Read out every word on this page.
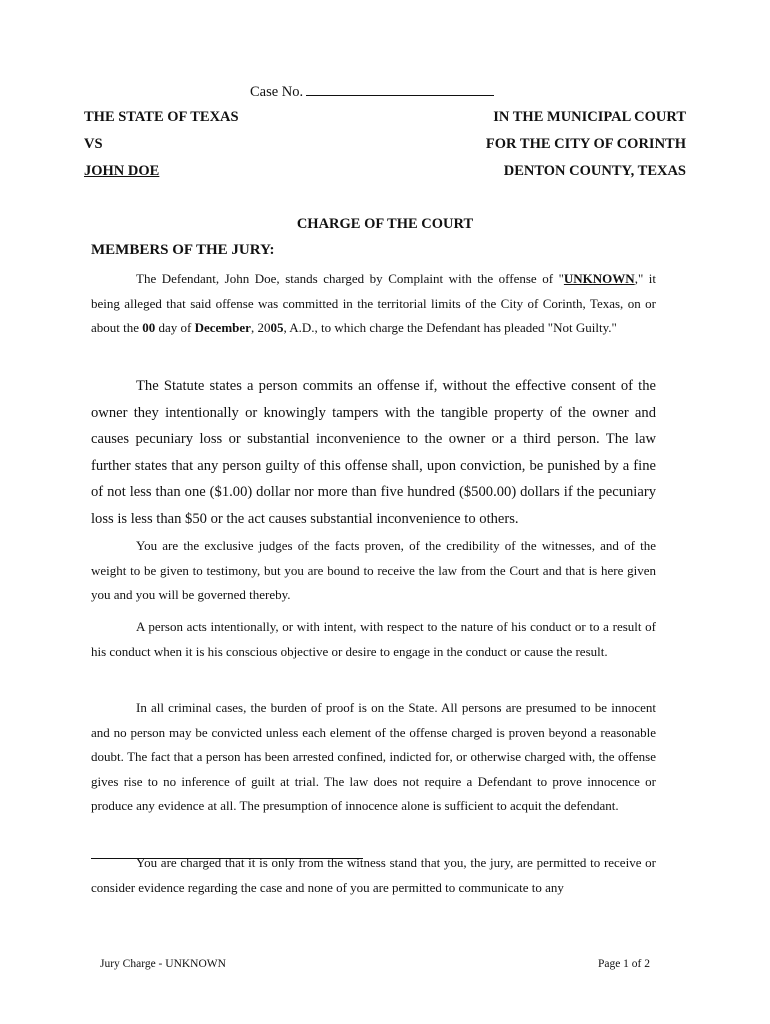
Case No.
THE STATE OF TEXAS
VS
JOHN DOE
IN THE MUNICIPAL COURT
FOR THE CITY OF CORINTH
DENTON COUNTY, TEXAS
CHARGE OF THE COURT
MEMBERS OF THE JURY:

The Defendant, John Doe, stands charged by Complaint with the offense of "UNKNOWN," it being alleged that said offense was committed in the territorial limits of the City of Corinth, Texas, on or about the 00 day of December, 2005, A.D., to which charge the Defendant has pleaded "Not Guilty."

The Statute states a person commits an offense if, without the effective consent of the owner they intentionally or knowingly tampers with the tangible property of the owner and causes pecuniary loss or substantial inconvenience to the owner or a third person. The law further states that any person guilty of this offense shall, upon conviction, be punished by a fine of not less than one ($1.00) dollar nor more than five hundred ($500.00) dollars if the pecuniary loss is less than $50 or the act causes substantial inconvenience to others.

You are the exclusive judges of the facts proven, of the credibility of the witnesses, and of the weight to be given to testimony, but you are bound to receive the law from the Court and that is here given you and you will be governed thereby.

A person acts intentionally, or with intent, with respect to the nature of his conduct or to a result of his conduct when it is his conscious objective or desire to engage in the conduct or cause the result.

In all criminal cases, the burden of proof is on the State. All persons are presumed to be innocent and no person may be convicted unless each element of the offense charged is proven beyond a reasonable doubt. The fact that a person has been arrested confined, indicted for, or otherwise charged with, the offense gives rise to no inference of guilt at trial. The law does not require a Defendant to prove innocence or produce any evidence at all. The presumption of innocence alone is sufficient to acquit the defendant.

You are charged that it is only from the witness stand that you, the jury, are permitted to receive or consider evidence regarding the case and none of you are permitted to communicate to any

Jury Charge - UNKNOWN	Page 1 of 2
